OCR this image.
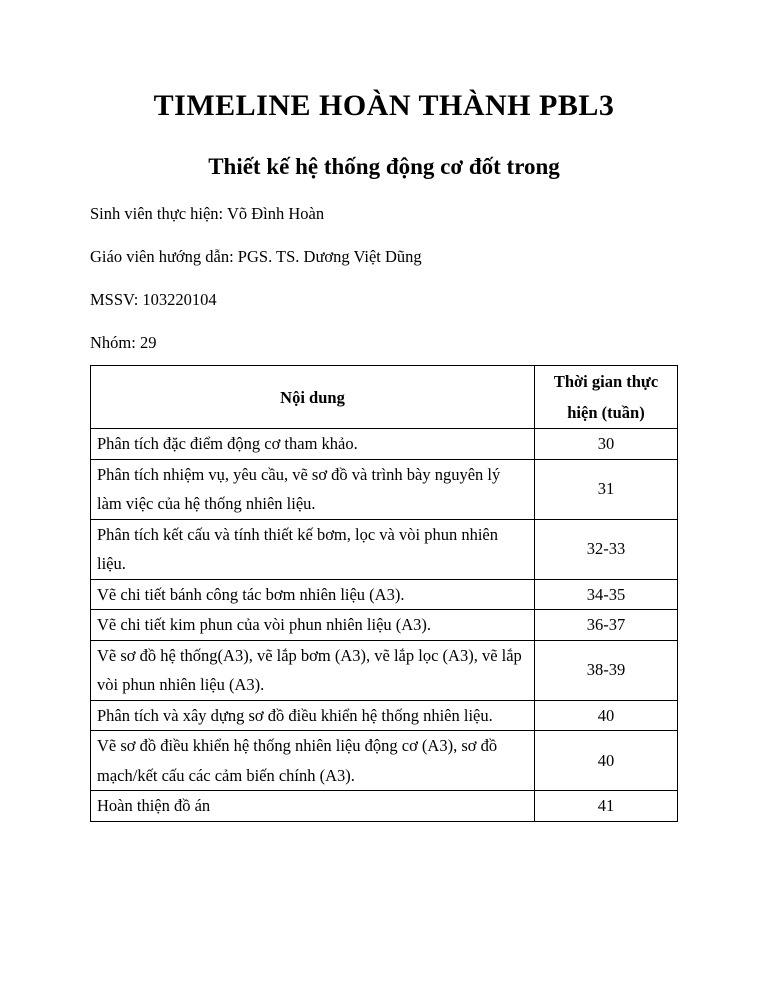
TIMELINE HOÀN THÀNH PBL3
Thiết kế hệ thống động cơ đốt trong

Sinh viên thực hiện: Võ Đình Hoàn

Giáo viên hướng dẫn: PGS. TS. Dương Việt Dũng

MSSV: 103220104

Nhóm: 29

Nội dung	Thời gian thực hiện (tuần)
Phân tích đặc điểm động cơ tham khảo.	30
Phân tích nhiệm vụ, yêu cầu, vẽ sơ đồ và trình bày nguyên lý làm việc của hệ thống nhiên liệu.	31
Phân tích kết cấu và tính thiết kế bơm, lọc và vòi phun nhiên liệu.	32-33
Vẽ chi tiết bánh công tác bơm nhiên liệu (A3).	34-35
Vẽ chi tiết kim phun của vòi phun nhiên liệu (A3).	36-37
Vẽ sơ đồ hệ thống(A3), vẽ lắp bơm (A3), vẽ lắp lọc (A3), vẽ lắp vòi phun nhiên liệu (A3).	38-39
Phân tích và xây dựng sơ đồ điều khiển hệ thống nhiên liệu.	40
Vẽ sơ đồ điều khiển hệ thống nhiên liệu động cơ (A3), sơ đồ mạch/kết cấu các cảm biến chính (A3).	40
Hoàn thiện đồ án	41
